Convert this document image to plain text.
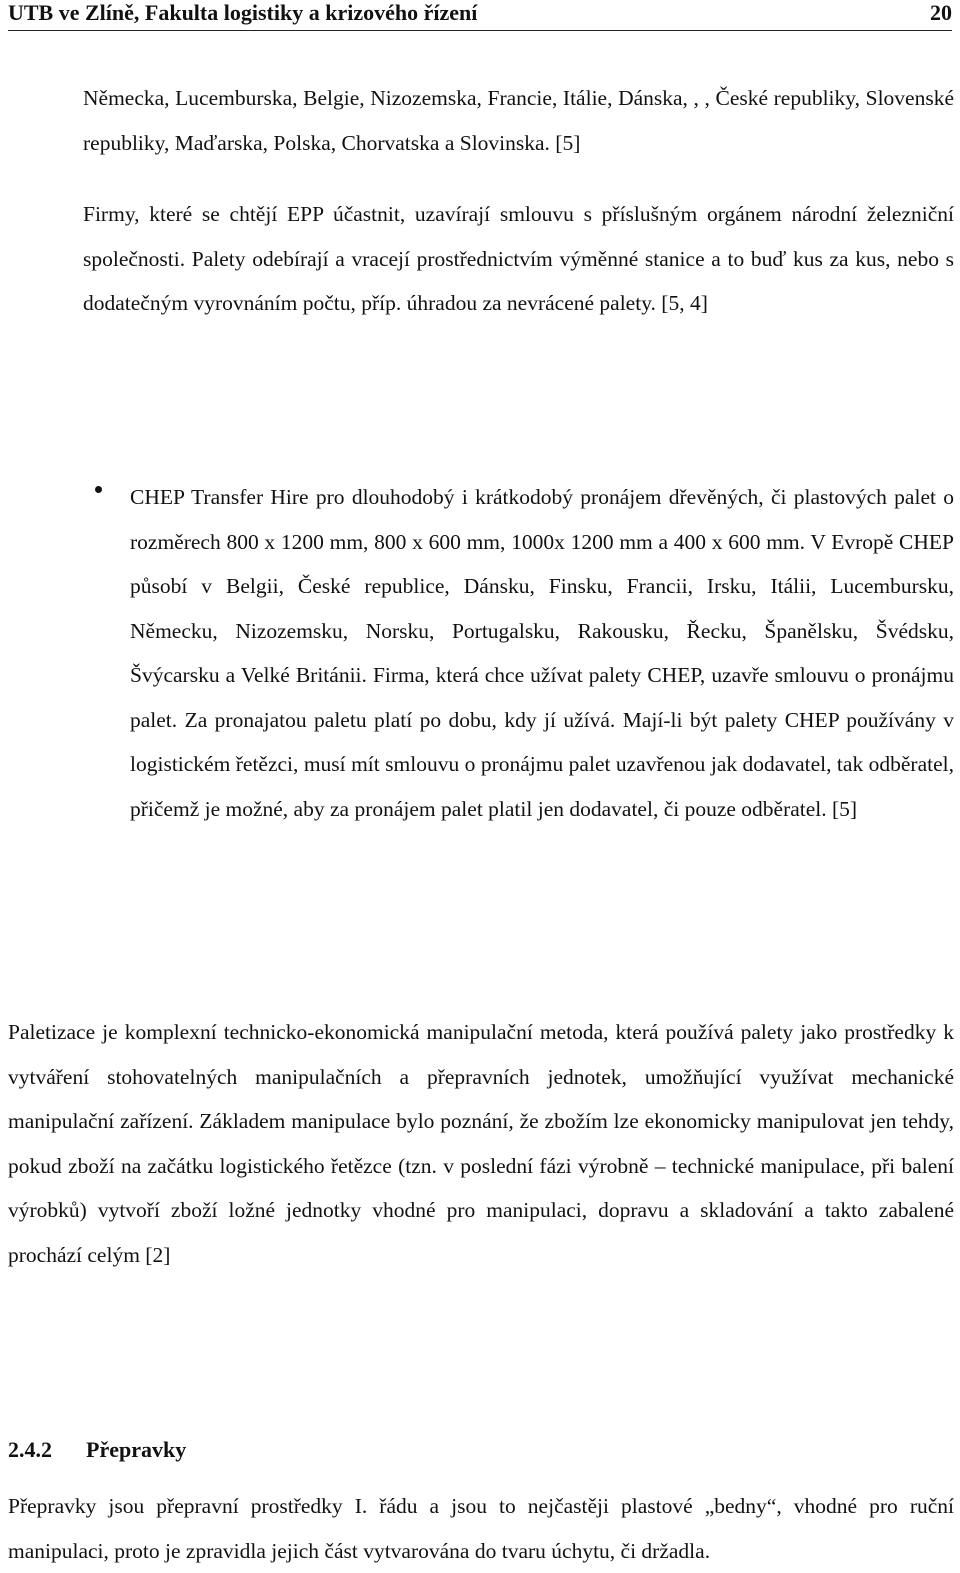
UTB ve Zlíně, Fakulta logistiky a krizového řízení	20

Německa, Lucemburska, Belgie, Nizozemska, Francie, Itálie, Dánska, , , České republiky, Slovenské republiky, Maďarska, Polska, Chorvatska a Slovinska. [5]

Firmy, které se chtějí EPP účastnit, uzavírají smlouvu s příslušným orgánem národní železniční společnosti. Palety odebírají a vracejí prostřednictvím výměnné stanice a to buď kus za kus, nebo s dodatečným vyrovnáním počtu, příp. úhradou za nevrácené palety. [5, 4]

CHEP Transfer Hire pro dlouhodobý i krátkodobý pronájem dřevěných, či plastových palet o rozměrech 800 x 1200 mm, 800 x 600 mm, 1000x 1200 mm a 400 x 600 mm. V Evropě CHEP působí v Belgii, České republice, Dánsku, Finsku, Francii, Irsku, Itálii, Lucembursku, Německu, Nizozemsku, Norsku, Portugalsku, Rakousku, Řecku, Španělsku, Švédsku, Švýcarsku a Velké Británii. Firma, která chce užívat palety CHEP, uzavře smlouvu o pronájmu palet. Za pronajatou paletu platí po dobu, kdy jí užívá. Mají-li být palety CHEP používány v logistickém řetězci, musí mít smlouvu o pronájmu palet uzavřenou jak dodavatel, tak odběratel, přičemž je možné, aby za pronájem palet platil jen dodavatel, či pouze odběratel. [5]

Paletizace je komplexní technicko-ekonomická manipulační metoda, která používá palety jako prostředky k vytváření stohovatelných manipulačních a přepravních jednotek, umožňující využívat mechanické manipulační zařízení. Základem manipulace bylo poznání, že zbožím lze ekonomicky manipulovat jen tehdy, pokud zboží na začátku logistického řetězce (tzn. v poslední fázi výrobně – technické manipulace, při balení výrobků) vytvoří zboží ložné jednotky vhodné pro manipulaci, dopravu a skladování a takto zabalené prochází celým [2]

2.4.2 Přepravky

Přepravky jsou přepravní prostředky I. řádu a jsou to nejčastěji plastové „bedny“, vhodné pro ruční manipulaci, proto je zpravidla jejich část vytvarována do tvaru úchytu, či držadla.
